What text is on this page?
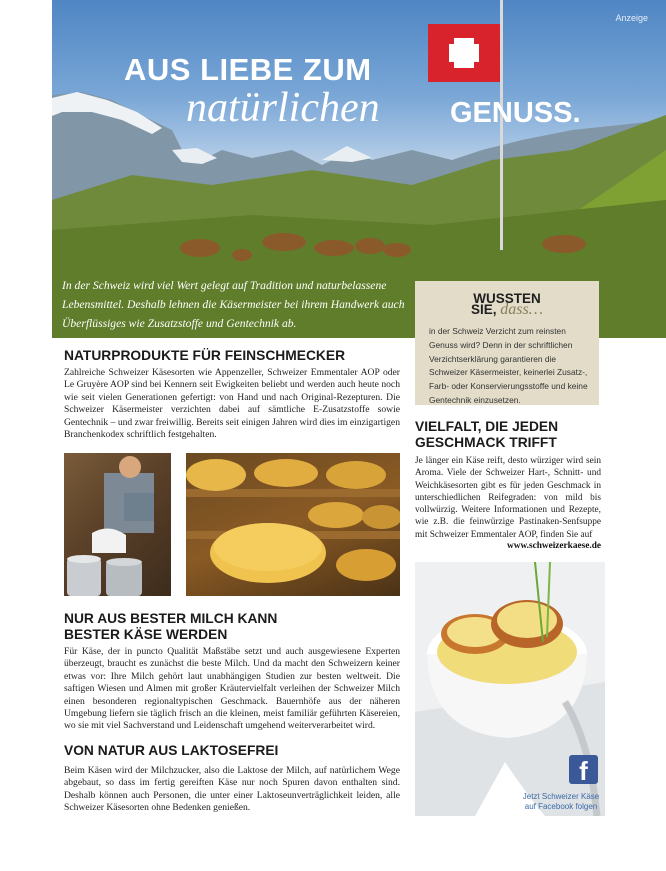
Anzeige
AUS LIEBE ZUM
natürlichen GENUSS.
In der Schweiz wird viel Wert gelegt auf Tradition und naturbelassene Lebensmittel. Deshalb lehnen die Käsermeister bei ihrem Handwerk auch Überflüssiges wie Zusatzstoffe und Gentechnik ab.
WUSSTEN
SIE, dass…
in der Schweiz Verzicht zum reinsten Genuss wird? Denn in der schriftlichen Verzichtserklärung garantieren die Schweizer Käsermeister, keinerlei Zusatz-, Farb- oder Konservierungsstoffe und keine Gentechnik einzusetzen.
NATURPRODUKTE FÜR FEINSCHMECKER
Zahlreiche Schweizer Käsesorten wie Appenzeller, Schweizer Emmentaler AOP oder Le Gruyère AOP sind bei Kennern seit Ewigkeiten beliebt und werden auch heute noch wie seit vielen Generationen gefertigt: von Hand und nach Original-Rezepturen. Die Schweizer Käsermeister verzichten dabei auf sämtliche E-Zusatzstoffe sowie Gentechnik – und zwar freiwillig. Bereits seit einigen Jahren wird dies im einzigartigen Branchenkodex schriftlich festgehalten.
NUR AUS BESTER MILCH KANN
BESTER KÄSE WERDEN
Für Käse, der in puncto Qualität Maßstäbe setzt und auch ausgewiesene Experten überzeugt, braucht es zunächst die beste Milch. Und da macht den Schweizern keiner etwas vor: Ihre Milch gehört laut unabhängigen Studien zur besten weltweit. Die saftigen Wiesen und Almen mit großer Kräutervielfalt verleihen der Schweizer Milch einen besonderen regionaltypischen Geschmack. Bauernhöfe aus der näheren Umgebung liefern sie täglich frisch an die kleinen, meist familiär geführten Käsereien, wo sie mit viel Sachverstand und Leidenschaft umgehend weiterverarbeitet wird.
VON NATUR AUS LAKTOSEFREI
Beim Käsen wird der Milchzucker, also die Laktose der Milch, auf natürlichem Wege abgebaut, so dass im fertig gereiften Käse nur noch Spuren davon enthalten sind. Deshalb können auch Personen, die unter einer Laktoseunverträglichkeit leiden, alle Schweizer Käsesorten ohne Bedenken genießen.
VIELFALT, DIE JEDEN
GESCHMACK TRIFFT
Je länger ein Käse reift, desto würziger wird sein Aroma. Viele der Schweizer Hart-, Schnitt- und Weichkäsesorten gibt es für jeden Geschmack in unterschiedlichen Reifegraden: von mild bis vollwürzig. Weitere Informationen und Rezepte, wie z.B. die feinwürzige Pastinaken-Senfsuppe mit Schweizer Emmentaler AOP, finden Sie auf
www.schweizerkaese.de
f
Jetzt Schweizer Käse
auf Facebook folgen
